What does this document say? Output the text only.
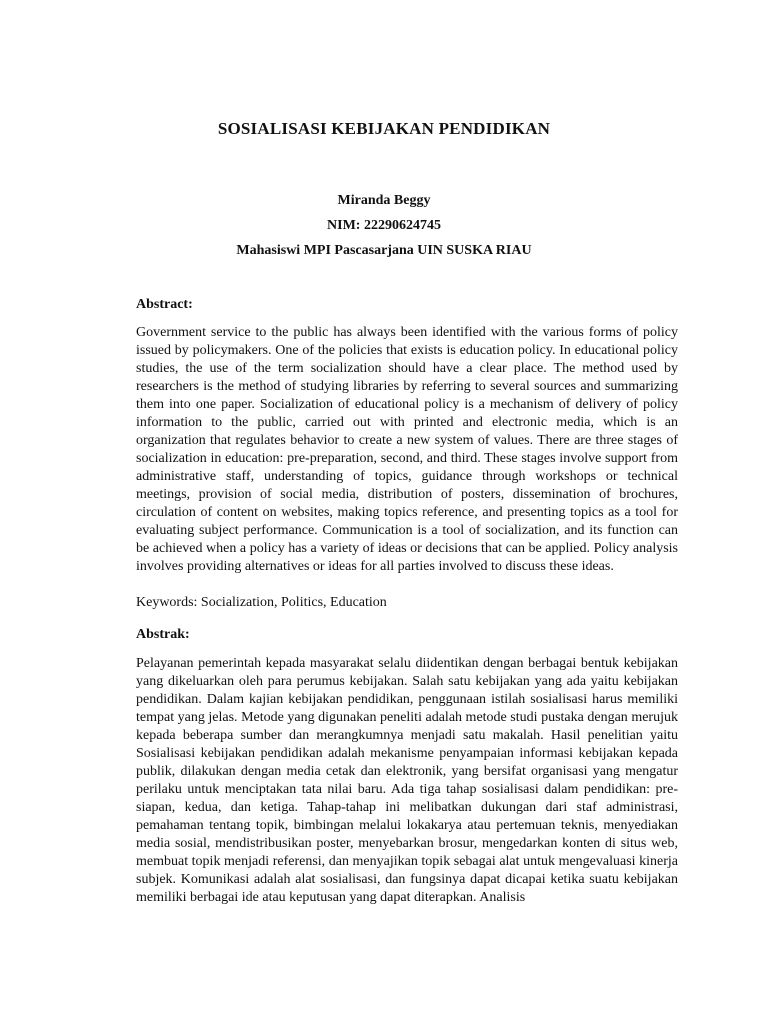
SOSIALISASI KEBIJAKAN PENDIDIKAN
Miranda Beggy
NIM: 22290624745
Mahasiswi MPI Pascasarjana UIN SUSKA RIAU
Abstract:

Government service to the public has always been identified with the various forms of policy issued by policymakers. One of the policies that exists is education policy. In educational policy studies, the use of the term socialization should have a clear place. The method used by researchers is the method of studying libraries by referring to several sources and summarizing them into one paper. Socialization of educational policy is a mechanism of delivery of policy information to the public, carried out with printed and electronic media, which is an organization that regulates behavior to create a new system of values. There are three stages of socialization in education: pre-preparation, second, and third. These stages involve support from administrative staff, understanding of topics, guidance through workshops or technical meetings, provision of social media, distribution of posters, dissemination of brochures, circulation of content on websites, making topics reference, and presenting topics as a tool for evaluating subject performance. Communication is a tool of socialization, and its function can be achieved when a policy has a variety of ideas or decisions that can be applied. Policy analysis involves providing alternatives or ideas for all parties involved to discuss these ideas.

Keywords: Socialization, Politics, Education

Abstrak:

Pelayanan pemerintah kepada masyarakat selalu diidentikan dengan berbagai bentuk kebijakan yang dikeluarkan oleh para perumus kebijakan. Salah satu kebijakan yang ada yaitu kebijakan pendidikan. Dalam kajian kebijakan pendidikan, penggunaan istilah sosialisasi harus memiliki tempat yang jelas. Metode yang digunakan peneliti adalah metode studi pustaka dengan merujuk kepada beberapa sumber dan merangkumnya menjadi satu makalah. Hasil penelitian yaitu Sosialisasi kebijakan pendidikan adalah mekanisme penyampaian informasi kebijakan kepada publik, dilakukan dengan media cetak dan elektronik, yang bersifat organisasi yang mengatur perilaku untuk menciptakan tata nilai baru. Ada tiga tahap sosialisasi dalam pendidikan: pre-siapan, kedua, dan ketiga. Tahap-tahap ini melibatkan dukungan dari staf administrasi, pemahaman tentang topik, bimbingan melalui lokakarya atau pertemuan teknis, menyediakan media sosial, mendistribusikan poster, menyebarkan brosur, mengedarkan konten di situs web, membuat topik menjadi referensi, dan menyajikan topik sebagai alat untuk mengevaluasi kinerja subjek. Komunikasi adalah alat sosialisasi, dan fungsinya dapat dicapai ketika suatu kebijakan memiliki berbagai ide atau keputusan yang dapat diterapkan. Analisis
